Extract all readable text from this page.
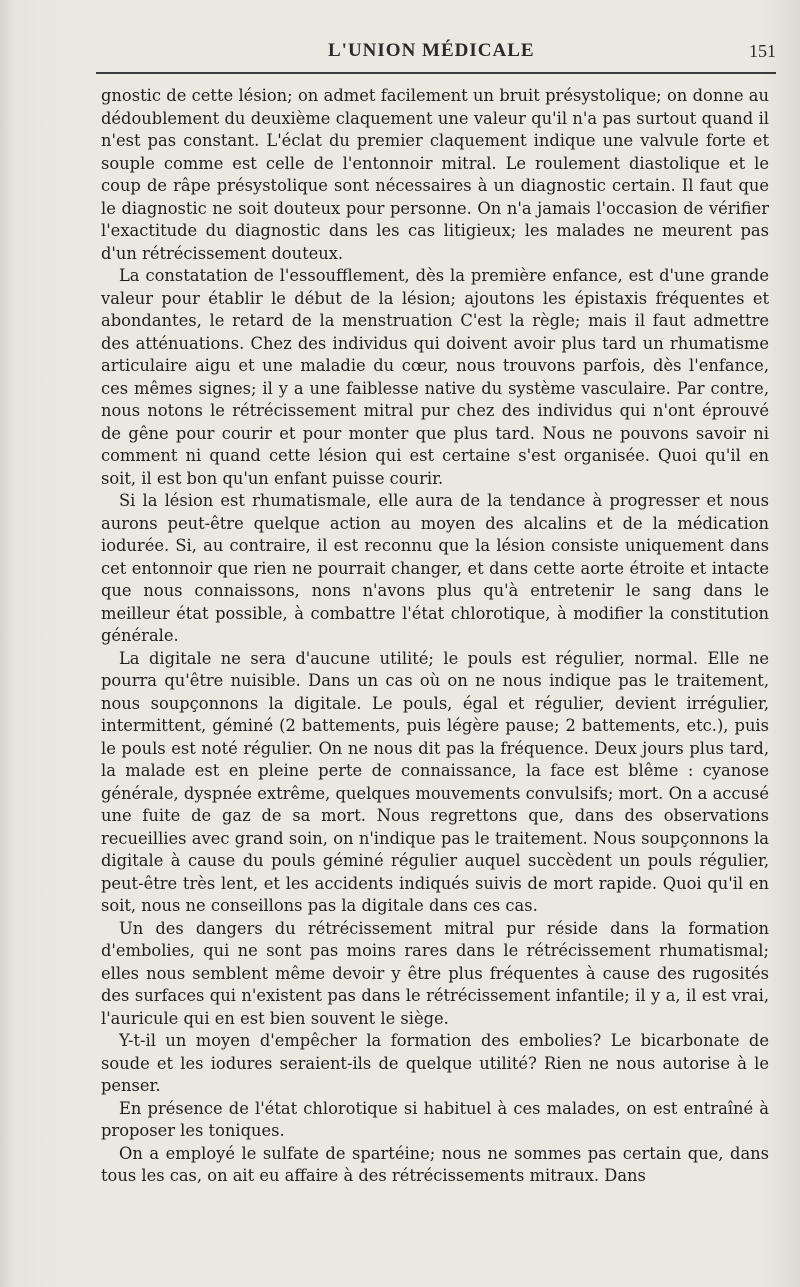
L'UNION MÉDICALE	151

gnostic de cette lésion; on admet facilement un bruit présystolique; on donne au dédoublement du deuxième claquement une valeur qu'il n'a pas surtout quand il n'est pas constant. L'éclat du premier claquement indique une valvule forte et souple comme est celle de l'entonnoir mitral. Le roulement diastolique et le coup de râpe présystolique sont nécessaires à un diagnostic certain. Il faut que le diagnostic ne soit douteux pour personne. On n'a jamais l'occasion de vérifier l'exactitude du diagnostic dans les cas litigieux; les malades ne meurent pas d'un rétrécissement douteux.

La constatation de l'essoufflement, dès la première enfance, est d'une grande valeur pour établir le début de la lésion; ajoutons les épistaxis fréquentes et abondantes, le retard de la menstruation C'est la règle; mais il faut admettre des atténuations. Chez des individus qui doivent avoir plus tard un rhumatisme articulaire aigu et une maladie du cœur, nous trouvons parfois, dès l'enfance, ces mêmes signes; il y a une faiblesse native du système vasculaire. Par contre, nous notons le rétrécissement mitral pur chez des individus qui n'ont éprouvé de gêne pour courir et pour monter que plus tard. Nous ne pouvons savoir ni comment ni quand cette lésion qui est certaine s'est organisée. Quoi qu'il en soit, il est bon qu'un enfant puisse courir.

Si la lésion est rhumatismale, elle aura de la tendance à progresser et nous aurons peut-être quelque action au moyen des alcalins et de la médication iodurée. Si, au contraire, il est reconnu que la lésion consiste uniquement dans cet entonnoir que rien ne pourrait changer, et dans cette aorte étroite et intacte que nous connaissons, nons n'avons plus qu'à entretenir le sang dans le meilleur état possible, à combattre l'état chlorotique, à modifier la constitution générale.

La digitale ne sera d'aucune utilité; le pouls est régulier, normal. Elle ne pourra qu'être nuisible. Dans un cas où on ne nous indique pas le traitement, nous soupçonnons la digitale. Le pouls, égal et régulier, devient irrégulier, intermittent, géminé (2 battements, puis légère pause; 2 battements, etc.), puis le pouls est noté régulier. On ne nous dit pas la fréquence. Deux jours plus tard, la malade est en pleine perte de connaissance, la face est blême : cyanose générale, dyspnée extrême, quelques mouvements convulsifs; mort. On a accusé une fuite de gaz de sa mort. Nous regrettons que, dans des observations recueillies avec grand soin, on n'indique pas le traitement. Nous soupçonnons la digitale à cause du pouls géminé régulier auquel succèdent un pouls régulier, peut-être très lent, et les accidents indiqués suivis de mort rapide. Quoi qu'il en soit, nous ne conseillons pas la digitale dans ces cas.

Un des dangers du rétrécissement mitral pur réside dans la formation d'embolies, qui ne sont pas moins rares dans le rétrécissement rhumatismal; elles nous semblent même devoir y être plus fréquentes à cause des rugosités des surfaces qui n'existent pas dans le rétrécissement infantile; il y a, il est vrai, l'auricule qui en est bien souvent le siège.

Y-t-il un moyen d'empêcher la formation des embolies? Le bicarbonate de soude et les iodures seraient-ils de quelque utilité? Rien ne nous autorise à le penser.

En présence de l'état chlorotique si habituel à ces malades, on est entraîné à proposer les toniques.

On a employé le sulfate de spartéine; nous ne sommes pas certain que, dans tous les cas, on ait eu affaire à des rétrécissements mitraux. Dans
